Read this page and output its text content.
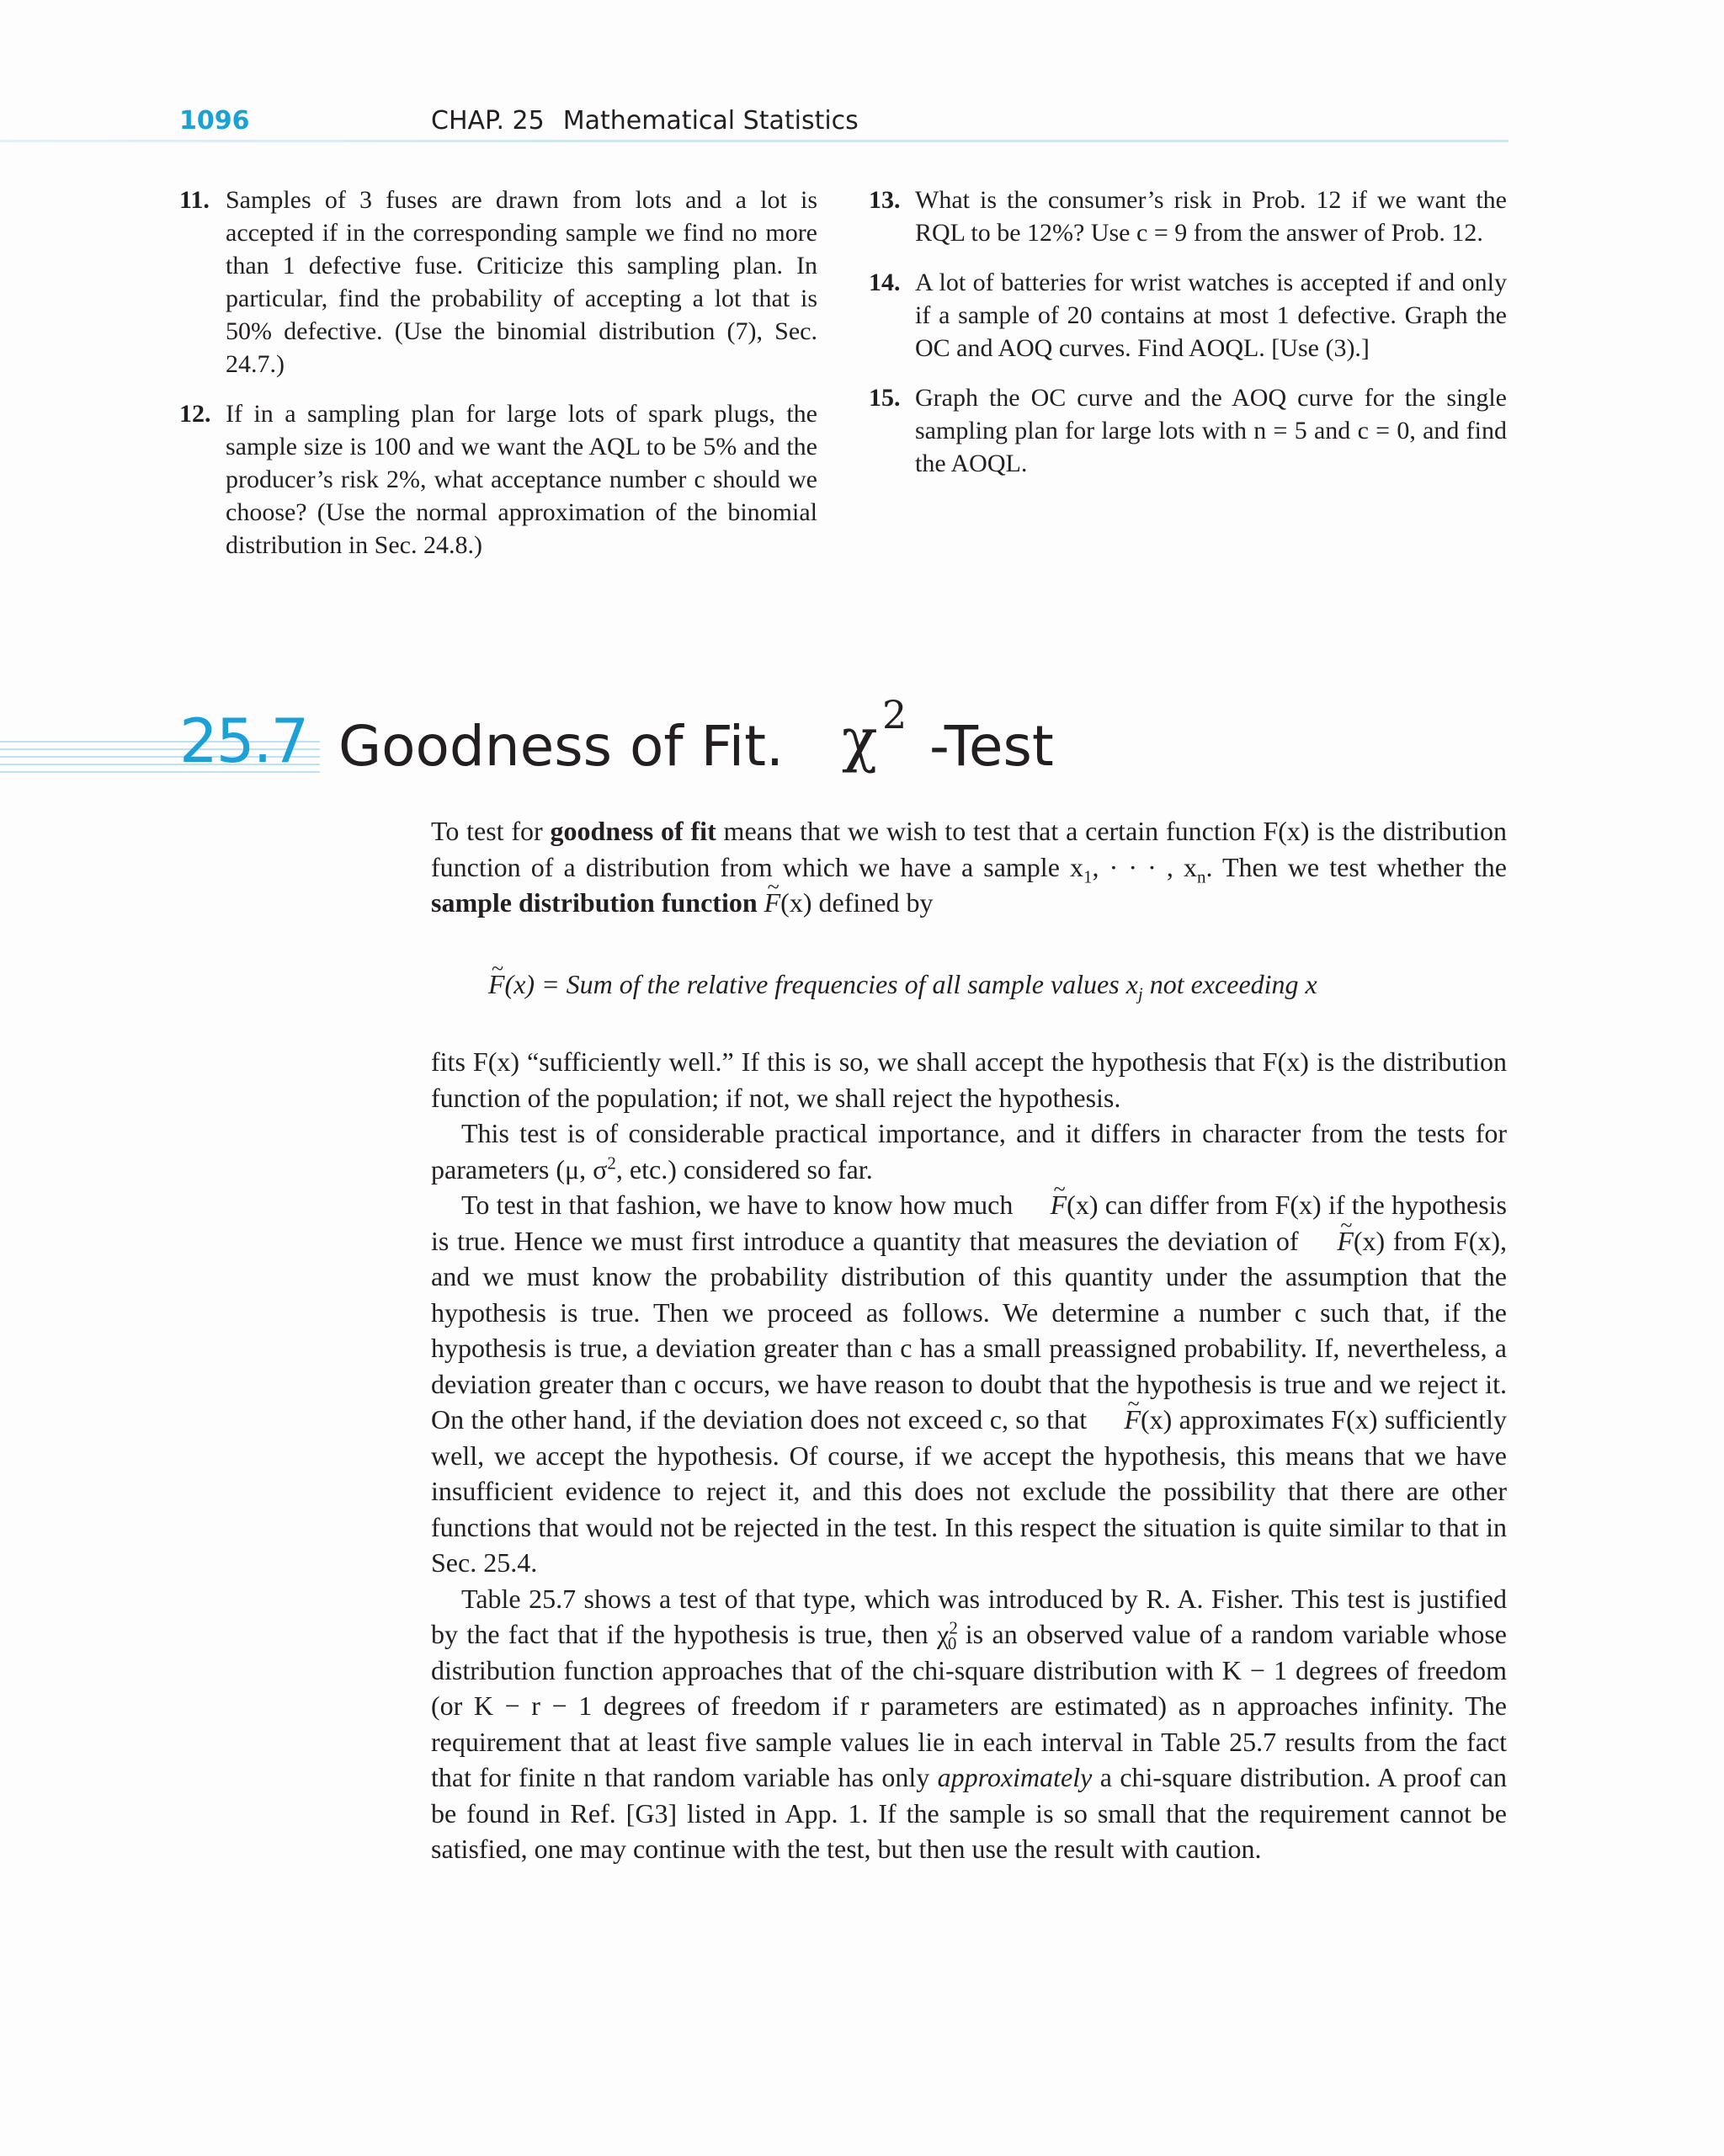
1096	CHAP. 25 Mathematical Statistics
11. Samples of 3 fuses are drawn from lots and a lot is accepted if in the corresponding sample we find no more than 1 defective fuse. Criticize this sampling plan. In particular, find the probability of accepting a lot that is 50% defective. (Use the binomial distribution (7), Sec. 24.7.)
12. If in a sampling plan for large lots of spark plugs, the sample size is 100 and we want the AQL to be 5% and the producer’s risk 2%, what acceptance number c should we choose? (Use the normal approximation of the binomial distribution in Sec. 24.8.)
13. What is the consumer’s risk in Prob. 12 if we want the RQL to be 12%? Use c = 9 from the answer of Prob. 12.
14. A lot of batteries for wrist watches is accepted if and only if a sample of 20 contains at most 1 defective. Graph the OC and AOQ curves. Find AOQL. [Use (3).]
15. Graph the OC curve and the AOQ curve for the single sampling plan for large lots with n = 5 and c = 0, and find the AOQL.
25.7 Goodness of Fit. χ 2 -Test

To test for goodness of fit means that we wish to test that a certain function F(x) is the distribution function of a distribution from which we have a sample $x_1$, · · · , $x_n$. Then we test whether the sample distribution function ~ F(x) defined by

~ F(x) = Sum of the relative frequencies of all sample values $x_j$ not exceeding x

fits F(x) “sufficiently well.” If this is so, we shall accept the hypothesis that F(x) is the distribution function of the population; if not, we shall reject the hypothesis.

This test is of considerable practical importance, and it differs in character from the tests for parameters (μ, $\sigma^2$, etc.) considered so far.

To test in that fashion, we have to know how much ~ F(x) can differ from F(x) if the hypothesis is true. Hence we must first introduce a quantity that measures the deviation of ~ F(x) from F(x), and we must know the probability distribution of this quantity under the assumption that the hypothesis is true. Then we proceed as follows. We determine a number c such that, if the hypothesis is true, a deviation greater than c has a small preassigned probability. If, nevertheless, a deviation greater than c occurs, we have reason to doubt that the hypothesis is true and we reject it. On the other hand, if the deviation does not exceed c, so that ~ F(x) approximates F(x) sufficiently well, we accept the hypothesis. Of course, if we accept the hypothesis, this means that we have insufficient evidence to reject it, and this does not exclude the possibility that there are other functions that would not be rejected in the test. In this respect the situation is quite similar to that in Sec. 25.4.

Table 25.7 shows a test of that type, which was introduced by R. A. Fisher. This test is justified by the fact that if the hypothesis is true, then $\chi^2_0$ is an observed value of a random variable whose distribution function approaches that of the chi-square distribution with K − 1 degrees of freedom (or K − r − 1 degrees of freedom if r parameters are estimated) as n approaches infinity. The requirement that at least five sample values lie in each interval in Table 25.7 results from the fact that for finite n that random variable has only approximately a chi-square distribution. A proof can be found in Ref. [G3] listed in App. 1. If the sample is so small that the requirement cannot be satisfied, one may continue with the test, but then use the result with caution.
